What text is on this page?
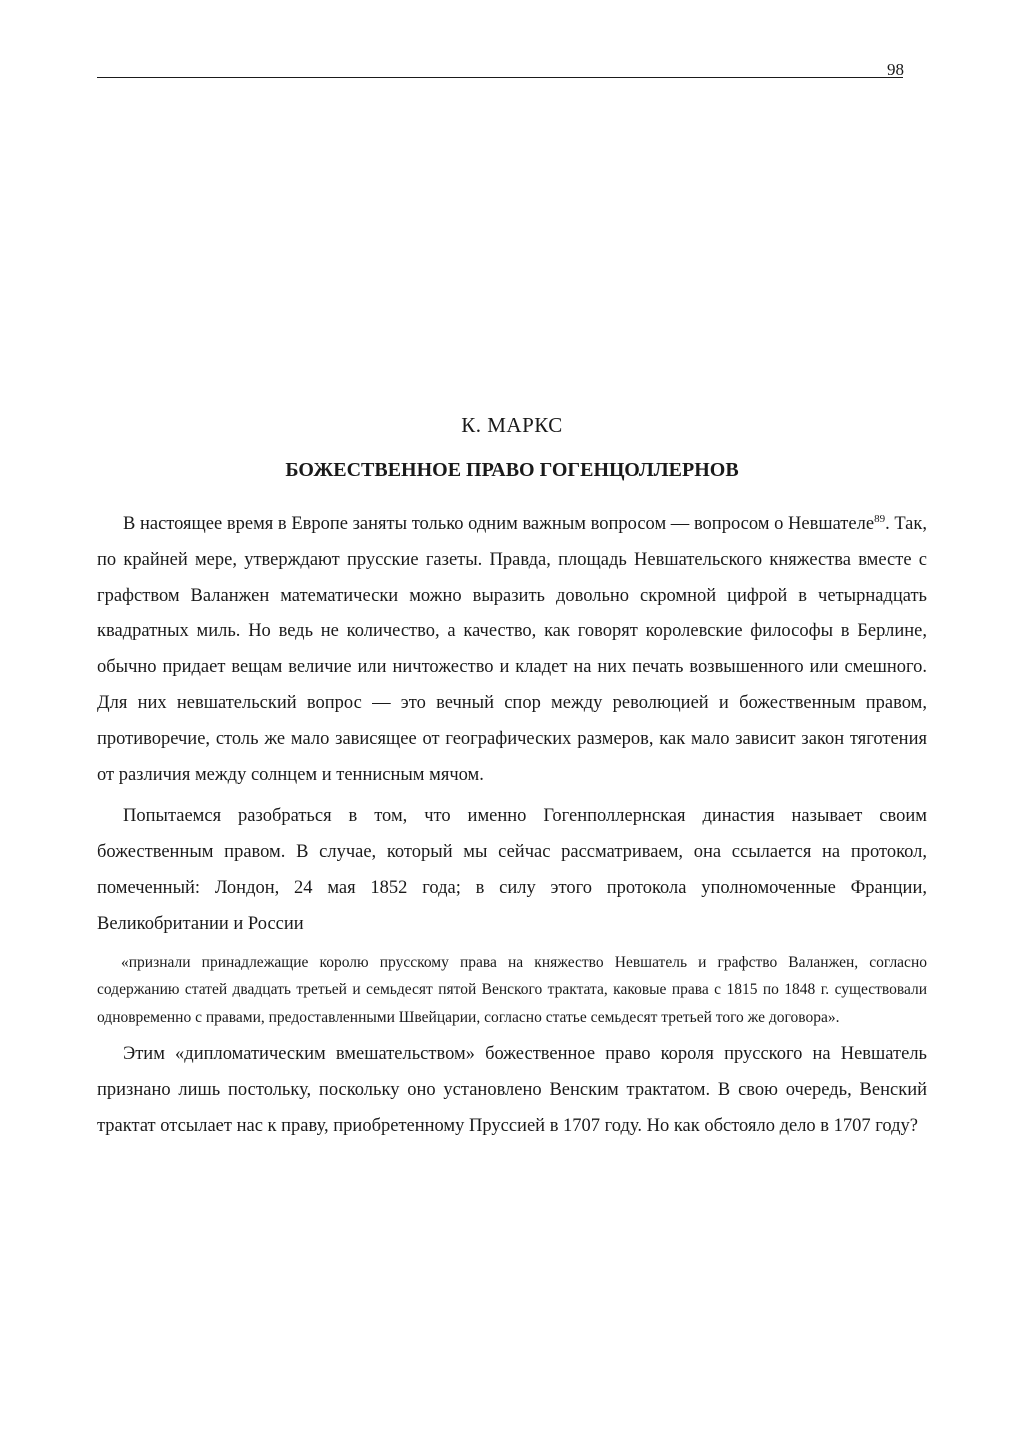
98
К. МАРКС
БОЖЕСТВЕННОЕ ПРАВО ГОГЕНЦОЛЛЕРНОВ

В настоящее время в Европе заняты только одним важным вопросом — вопросом о Невшателе$^{89}$. Так, по крайней мере, утверждают прусские газеты. Правда, площадь Невшательского княжества вместе с графством Валанжен математически можно выразить довольно скромной цифрой в четырнадцать квадратных миль. Но ведь не количество, а качество, как говорят королевские философы в Берлине, обычно придает вещам величие или ничтожество и кладет на них печать возвышенного или смешного. Для них невшательский вопрос — это вечный спор между революцией и божественным правом, противоречие, столь же мало зависящее от географических размеров, как мало зависит закон тяготения от различия между солнцем и теннисным мячом.

Попытаемся разобраться в том, что именно Гогенполлернская династия называет своим божественным правом. В случае, который мы сейчас рассматриваем, она ссылается на протокол, помеченный: Лондон, 24 мая 1852 года; в силу этого протокола уполномоченные Франции, Великобритании и России

«признали принадлежащие королю прусскому права на княжество Невшатель и графство Валанжен, согласно содержанию статей двадцать третьей и семьдесят пятой Венского трактата, каковые права с 1815 по 1848 г. существовали одновременно с правами, предоставленными Швейцарии, согласно статье семьдесят третьей того же договора».

Этим «дипломатическим вмешательством» божественное право короля прусского на Невшатель признано лишь постольку, поскольку оно установлено Венским трактатом. В свою очередь, Венский трактат отсылает нас к праву, приобретенному Пруссией в 1707 году. Но как обстояло дело в 1707 году?
